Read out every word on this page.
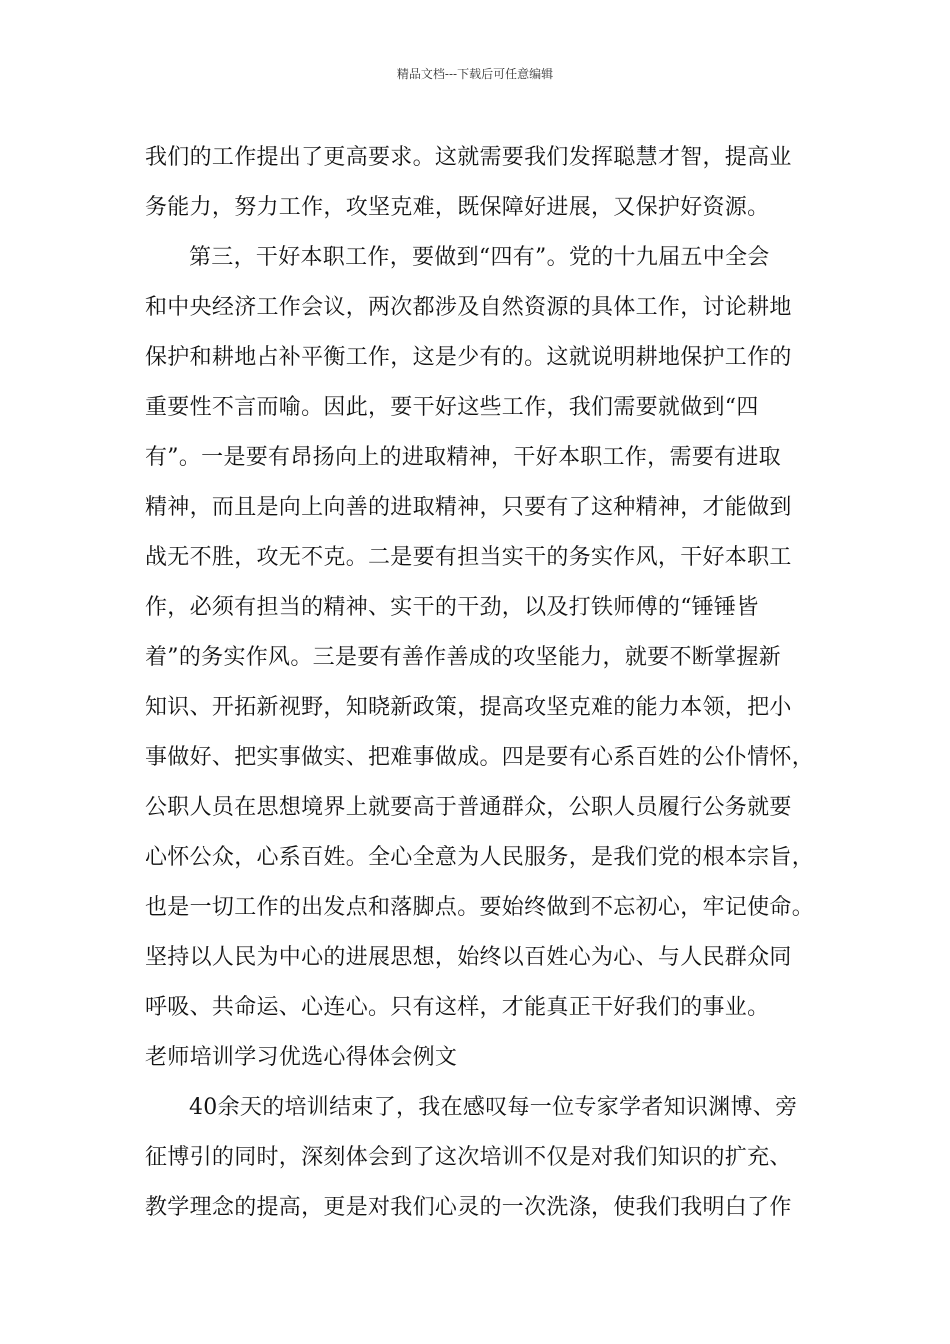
精品文档---下载后可任意编辑
我们的工作提出了更高要求。这就需要我们发挥聪慧才智，提高业
务能力，努力工作，攻坚克难，既保障好进展，又保护好资源。
第三，干好本职工作，要做到“四有”。党的十九届五中全会
和中央经济工作会议，两次都涉及自然资源的具体工作，讨论耕地
保护和耕地占补平衡工作，这是少有的。这就说明耕地保护工作的
重要性不言而喻。因此，要干好这些工作，我们需要就做到“四
有”。一是要有昂扬向上的进取精神，干好本职工作，需要有进取
精神，而且是向上向善的进取精神，只要有了这种精神，才能做到
战无不胜，攻无不克。二是要有担当实干的务实作风，干好本职工
作，必须有担当的精神、实干的干劲，以及打铁师傅的“锤锤皆
着”的务实作风。三是要有善作善成的攻坚能力，就要不断掌握新
知识、开拓新视野，知晓新政策，提高攻坚克难的能力本领，把小
事做好、把实事做实、把难事做成。四是要有心系百姓的公仆情怀，
公职人员在思想境界上就要高于普通群众，公职人员履行公务就要
心怀公众，心系百姓。全心全意为人民服务，是我们党的根本宗旨，
也是一切工作的出发点和落脚点。要始终做到不忘初心，牢记使命。
坚持以人民为中心的进展思想，始终以百姓心为心、与人民群众同
呼吸、共命运、心连心。只有这样，才能真正干好我们的事业。
老师培训学习优选心得体会例文
40余天的培训结束了，我在感叹每一位专家学者知识渊博、旁
征博引的同时，深刻体会到了这次培训不仅是对我们知识的扩充、
教学理念的提高，更是对我们心灵的一次洗涤，使我们我明白了作
